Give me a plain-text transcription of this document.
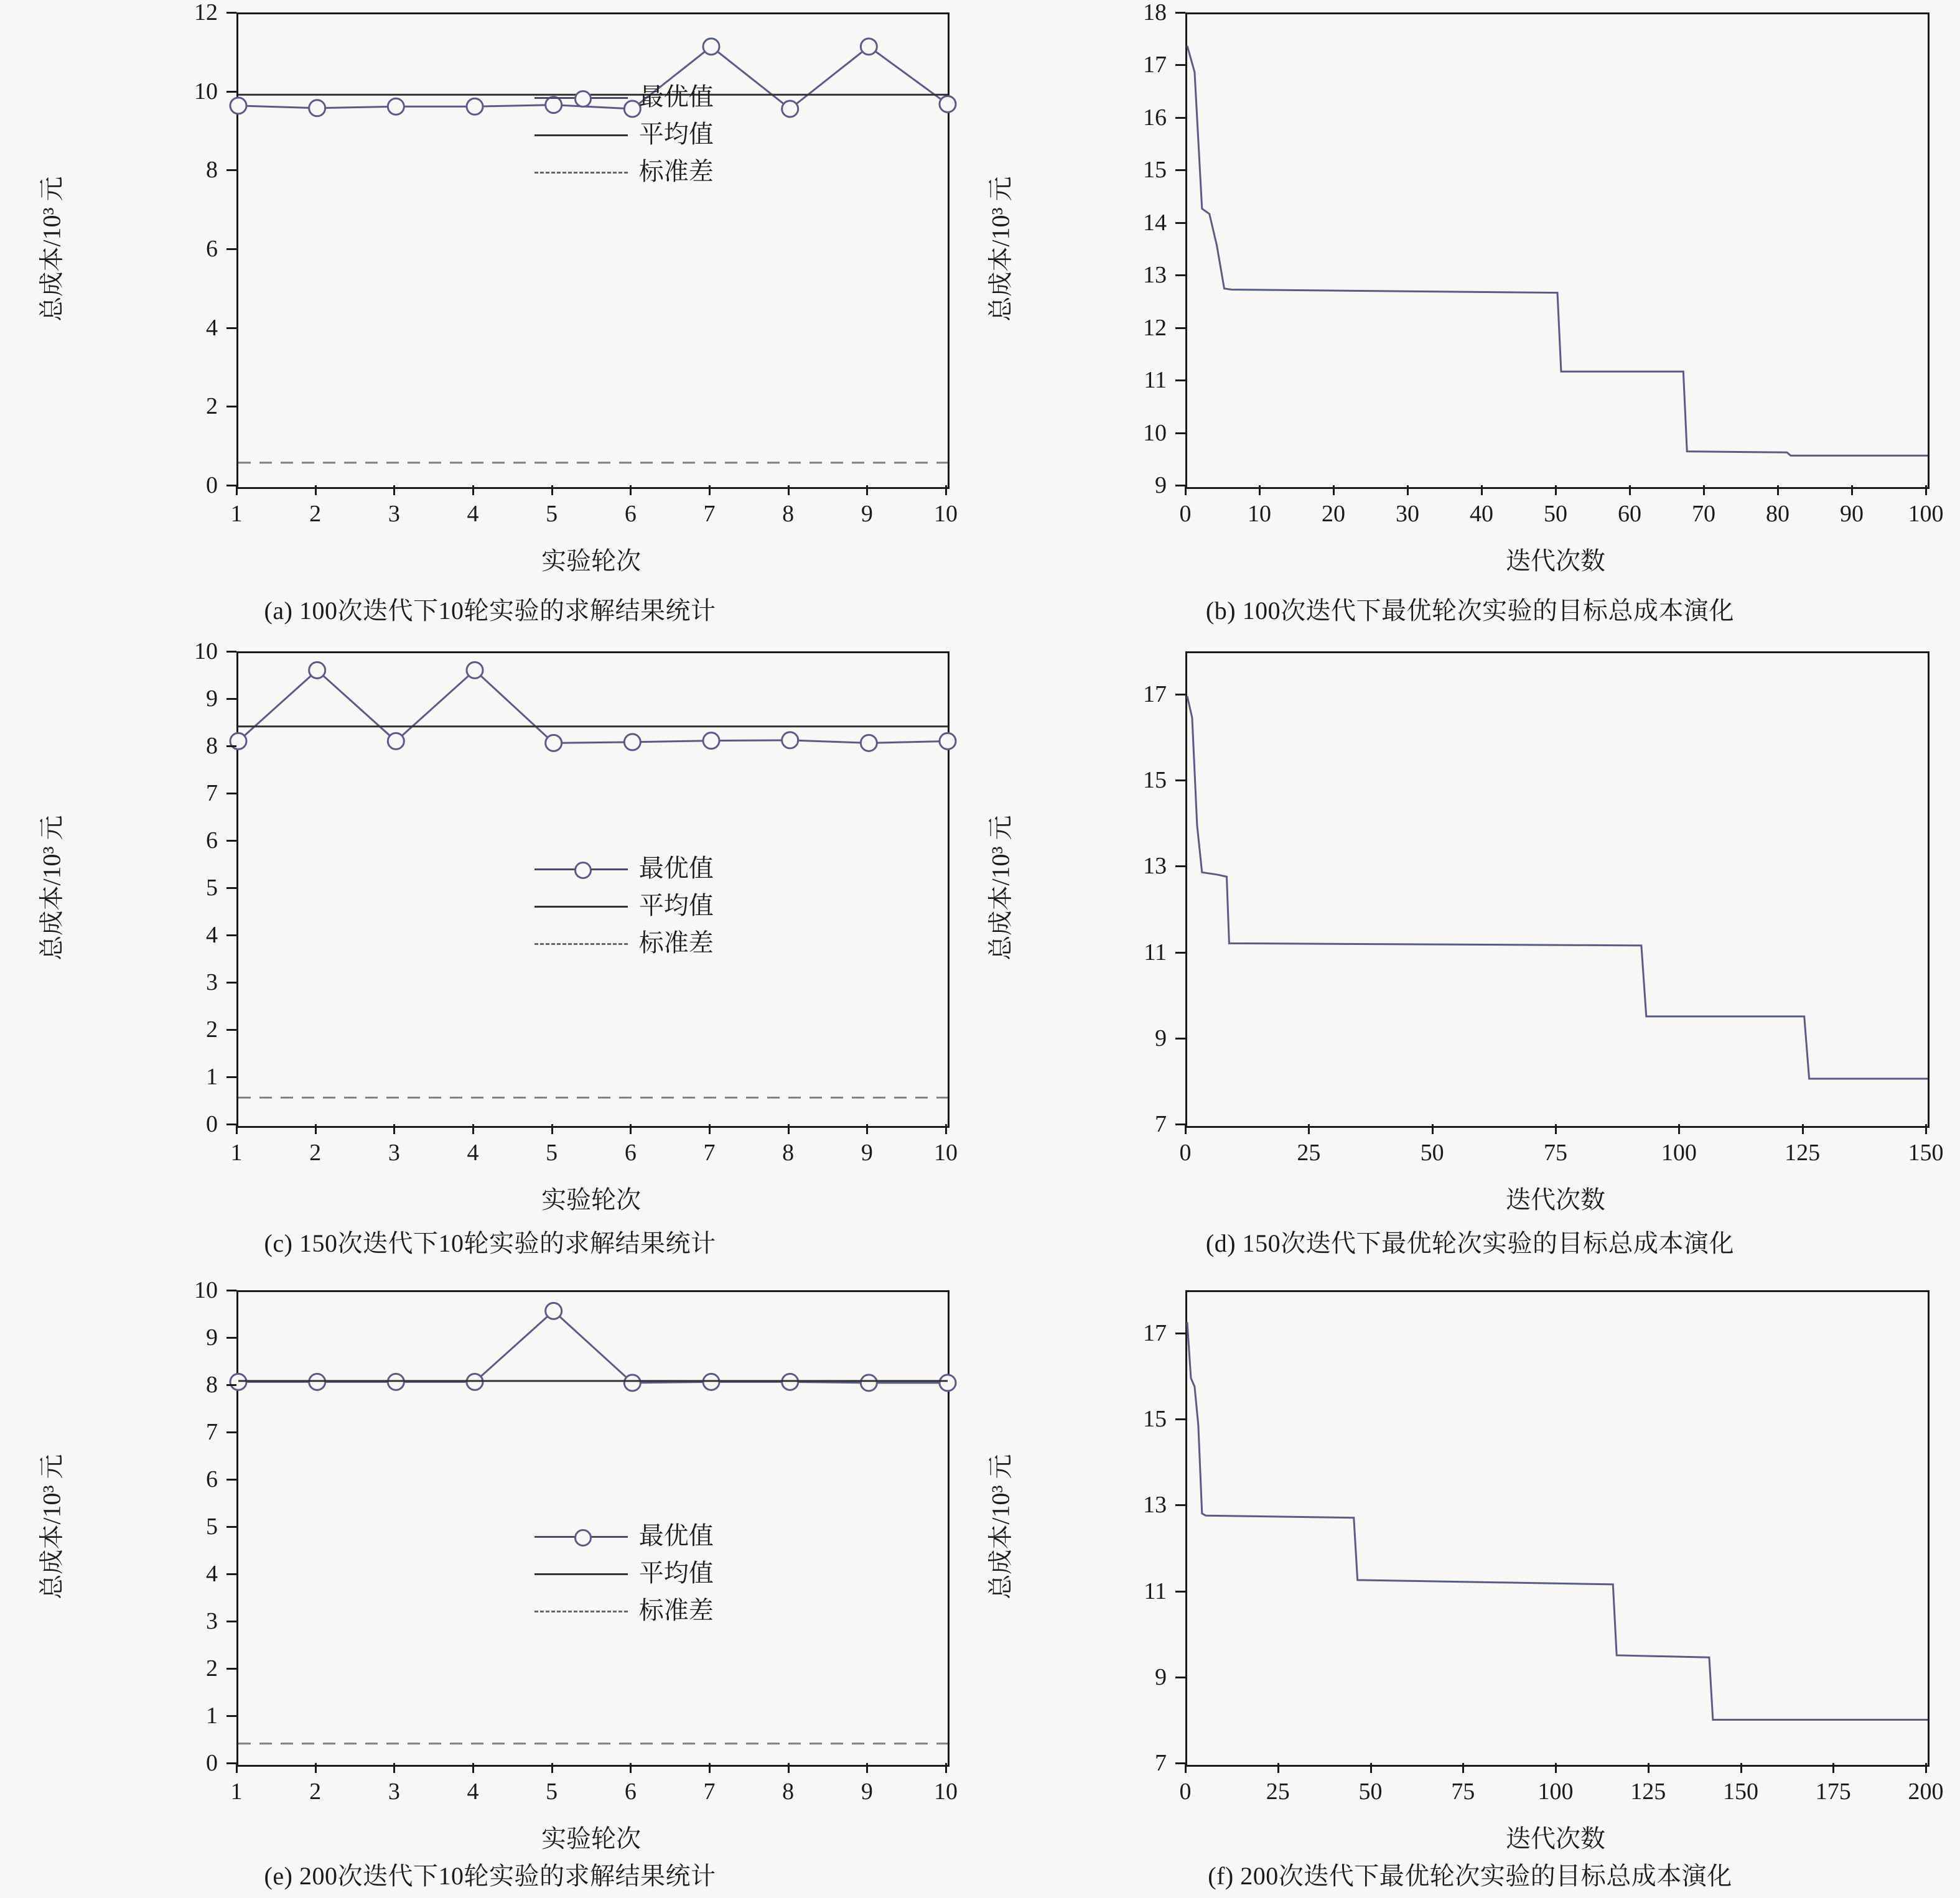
0
2
4
6
8
10
12
1	2	3	4	5	6	7	8	9	10
实验轮次
总成本/10³ 元
最优值
平均值
标准差
(a) 100次迭代下10轮实验的求解结果统计
9
10
11
12
13
14
15
16
17
18
0 10 20 30 40 50 60 70 80 90 100
迭代次数
总成本/10³ 元
(b) 100次迭代下最优轮次实验的目标总成本演化
0
1
2
3
4
5
6
7
8
9
10
1	2	3	4	5	6	7	8	9	10
实验轮次
总成本/10³ 元	最优值
平均值
标准差
(c) 150次迭代下10轮实验的求解结果统计
7
9
11
13
15
17
0	25	50	75	100	125	150
迭代次数
总成本/10³ 元
(d) 150次迭代下最优轮次实验的目标总成本演化
0
1
2
3
4
5
6
7
8
9
10
1	2	3	4	5	6	7	8	9	10
实验轮次
总成本/10³ 元	最优值
平均值
标准差
(e) 200次迭代下10轮实验的求解结果统计
7
9
11
13
15
17
0	25	50	75	100 125 150 175 200
迭代次数
总成本/10³ 元
(f) 200次迭代下最优轮次实验的目标总成本演化
